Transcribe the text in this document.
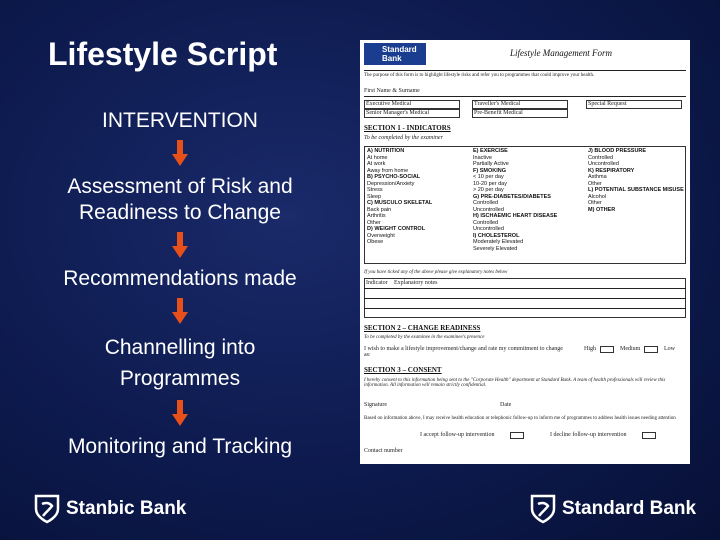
Lifestyle Script
INTERVENTION
Assessment of Risk and
Readiness to Change
Recommendations made
Channelling into
Programmes
Monitoring and Tracking
Standard
Bank
Lifestyle Management Form
The purpose of this form is to highlight lifestyle risks and refer you to programmes that could improve your health.
First Name & Surname
Executive Medical	Traveller's Medical	Special Request
Senior Manager's Medical	Pre-Benefit Medical
SECTION 1 - INDICATORS
To be completed by the examiner
A) NUTRITION
At home
At work
Away from home
B) PSYCHO-SOCIAL
Depression/Anxiety
Stress
Sleep
C) MUSCULO SKELETAL
Back pain
Arthritis
Other
D) WEIGHT CONTROL
Overweight
Obese
E) EXERCISE
Inactive
Partially Active
F) SMOKING
< 10 per day
10-20 per day
> 20 per day
G) PRE-DIABETES/DIABETES
Controlled
Uncontrolled
H) ISCHAEMIC HEART DISEASE
Controlled
Uncontrolled
I) CHOLESTEROL
Moderately Elevated
Severely Elevated
J) BLOOD PRESSURE
Controlled
Uncontrolled
K) RESPIRATORY
Asthma
Other
L) POTENTIAL SUBSTANCE MISUSE
Alcohol
Other
M) OTHER
If you have ticked any of the above please give explanatory notes below
Indicator Explanatory notes
SECTION 2 – CHANGE READINESS
To be completed by the examinee in the examinee’s presence
I wish to make a lifestyle improvement/change and rate my commitment to change as:
High	Medium	Low
SECTION 3 – CONSENT
I hereby consent to this information being sent to the "Corporate Health" department at Standard Bank. A team of health professionals will review this information. All information will remain strictly confidential.
Signature	Date
Based on information above, I may receive health education or telephonic follow-up to inform me of programmes to address health issues needing attention
I accept follow-up intervention	I decline follow-up intervention
Contact number
Stanbic Bank	Standard Bank
